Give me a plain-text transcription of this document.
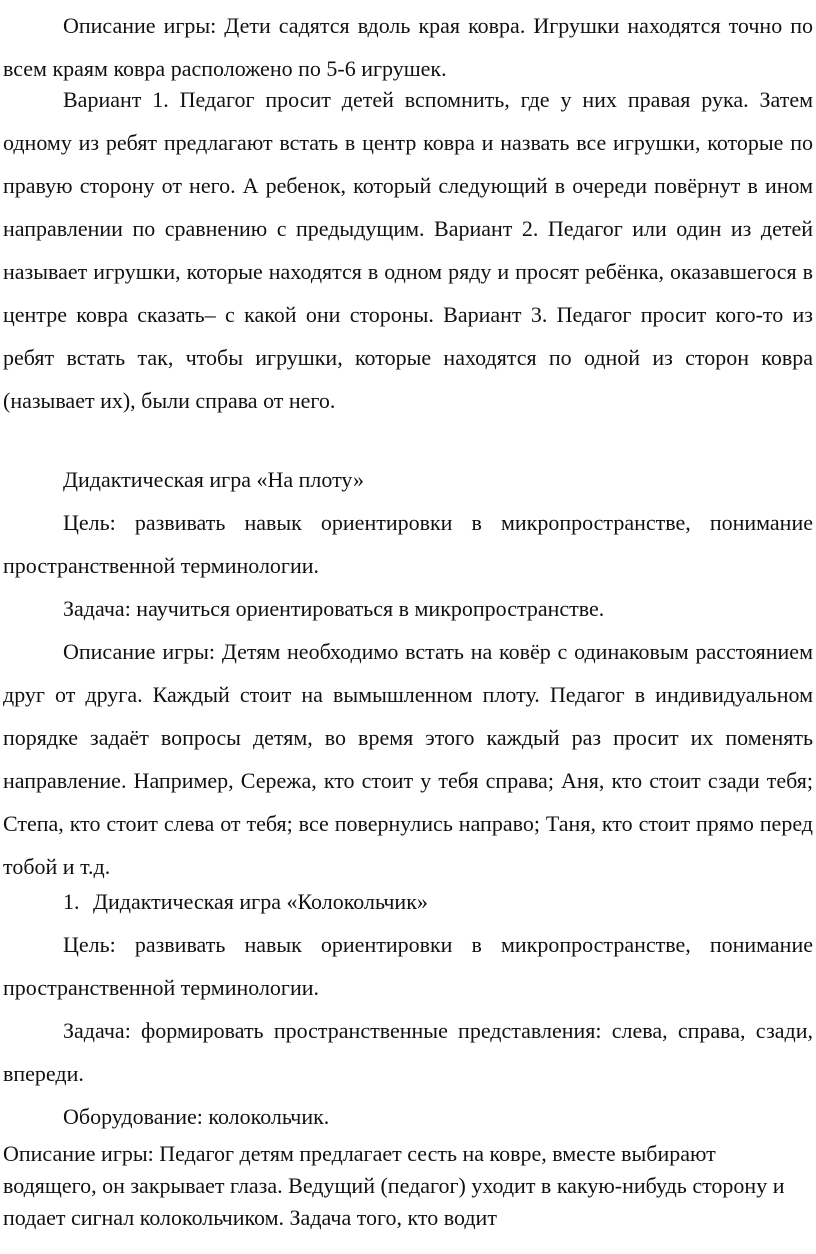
Описание игры: Дети садятся вдоль края ковра. Игрушки находятся точно по всем краям ковра расположено по 5-6 игрушек.

Вариант 1. Педагог просит детей вспомнить, где у них правая рука. Затем одному из ребят предлагают встать в центр ковра и назвать все игрушки, которые по правую сторону от него. А ребенок, который следующий в очереди повёрнут в ином направлении по сравнению с предыдущим. Вариант 2. Педагог или один из детей называет игрушки, которые находятся в одном ряду и просят ребёнка, оказавшегося в центре ковра сказать– с какой они стороны. Вариант 3. Педагог просит кого-то из ребят встать так, чтобы игрушки, которые находятся по одной из сторон ковра (называет их), были справа от него.

Дидактическая игра «На плоту»

Цель: развивать навык ориентировки в микропространстве, понимание пространственной терминологии.

Задача: научиться ориентироваться в микропространстве.

Описание игры: Детям необходимо встать на ковёр с одинаковым расстоянием друг от друга. Каждый стоит на вымышленном плоту. Педагог в индивидуальном порядке задаёт вопросы детям, во время этого каждый раз просит их поменять направление. Например, Сережа, кто стоит у тебя справа; Аня, кто стоит сзади тебя; Степа, кто стоит слева от тебя; все повернулись направо; Таня, кто стоит прямо перед тобой и т.д.

1. Дидактическая игра «Колокольчик»

Цель: развивать навык ориентировки в микропространстве, понимание пространственной терминологии.

Задача: формировать пространственные представления: слева, справа, сзади, впереди.

Оборудование: колокольчик.

Описание игры: Педагог детям предлагает сесть на ковре, вместе выбирают водящего, он закрывает глаза. Ведущий (педагог) уходит в какую-нибудь сторону и подает сигнал колокольчиком. Задача того, кто водит
